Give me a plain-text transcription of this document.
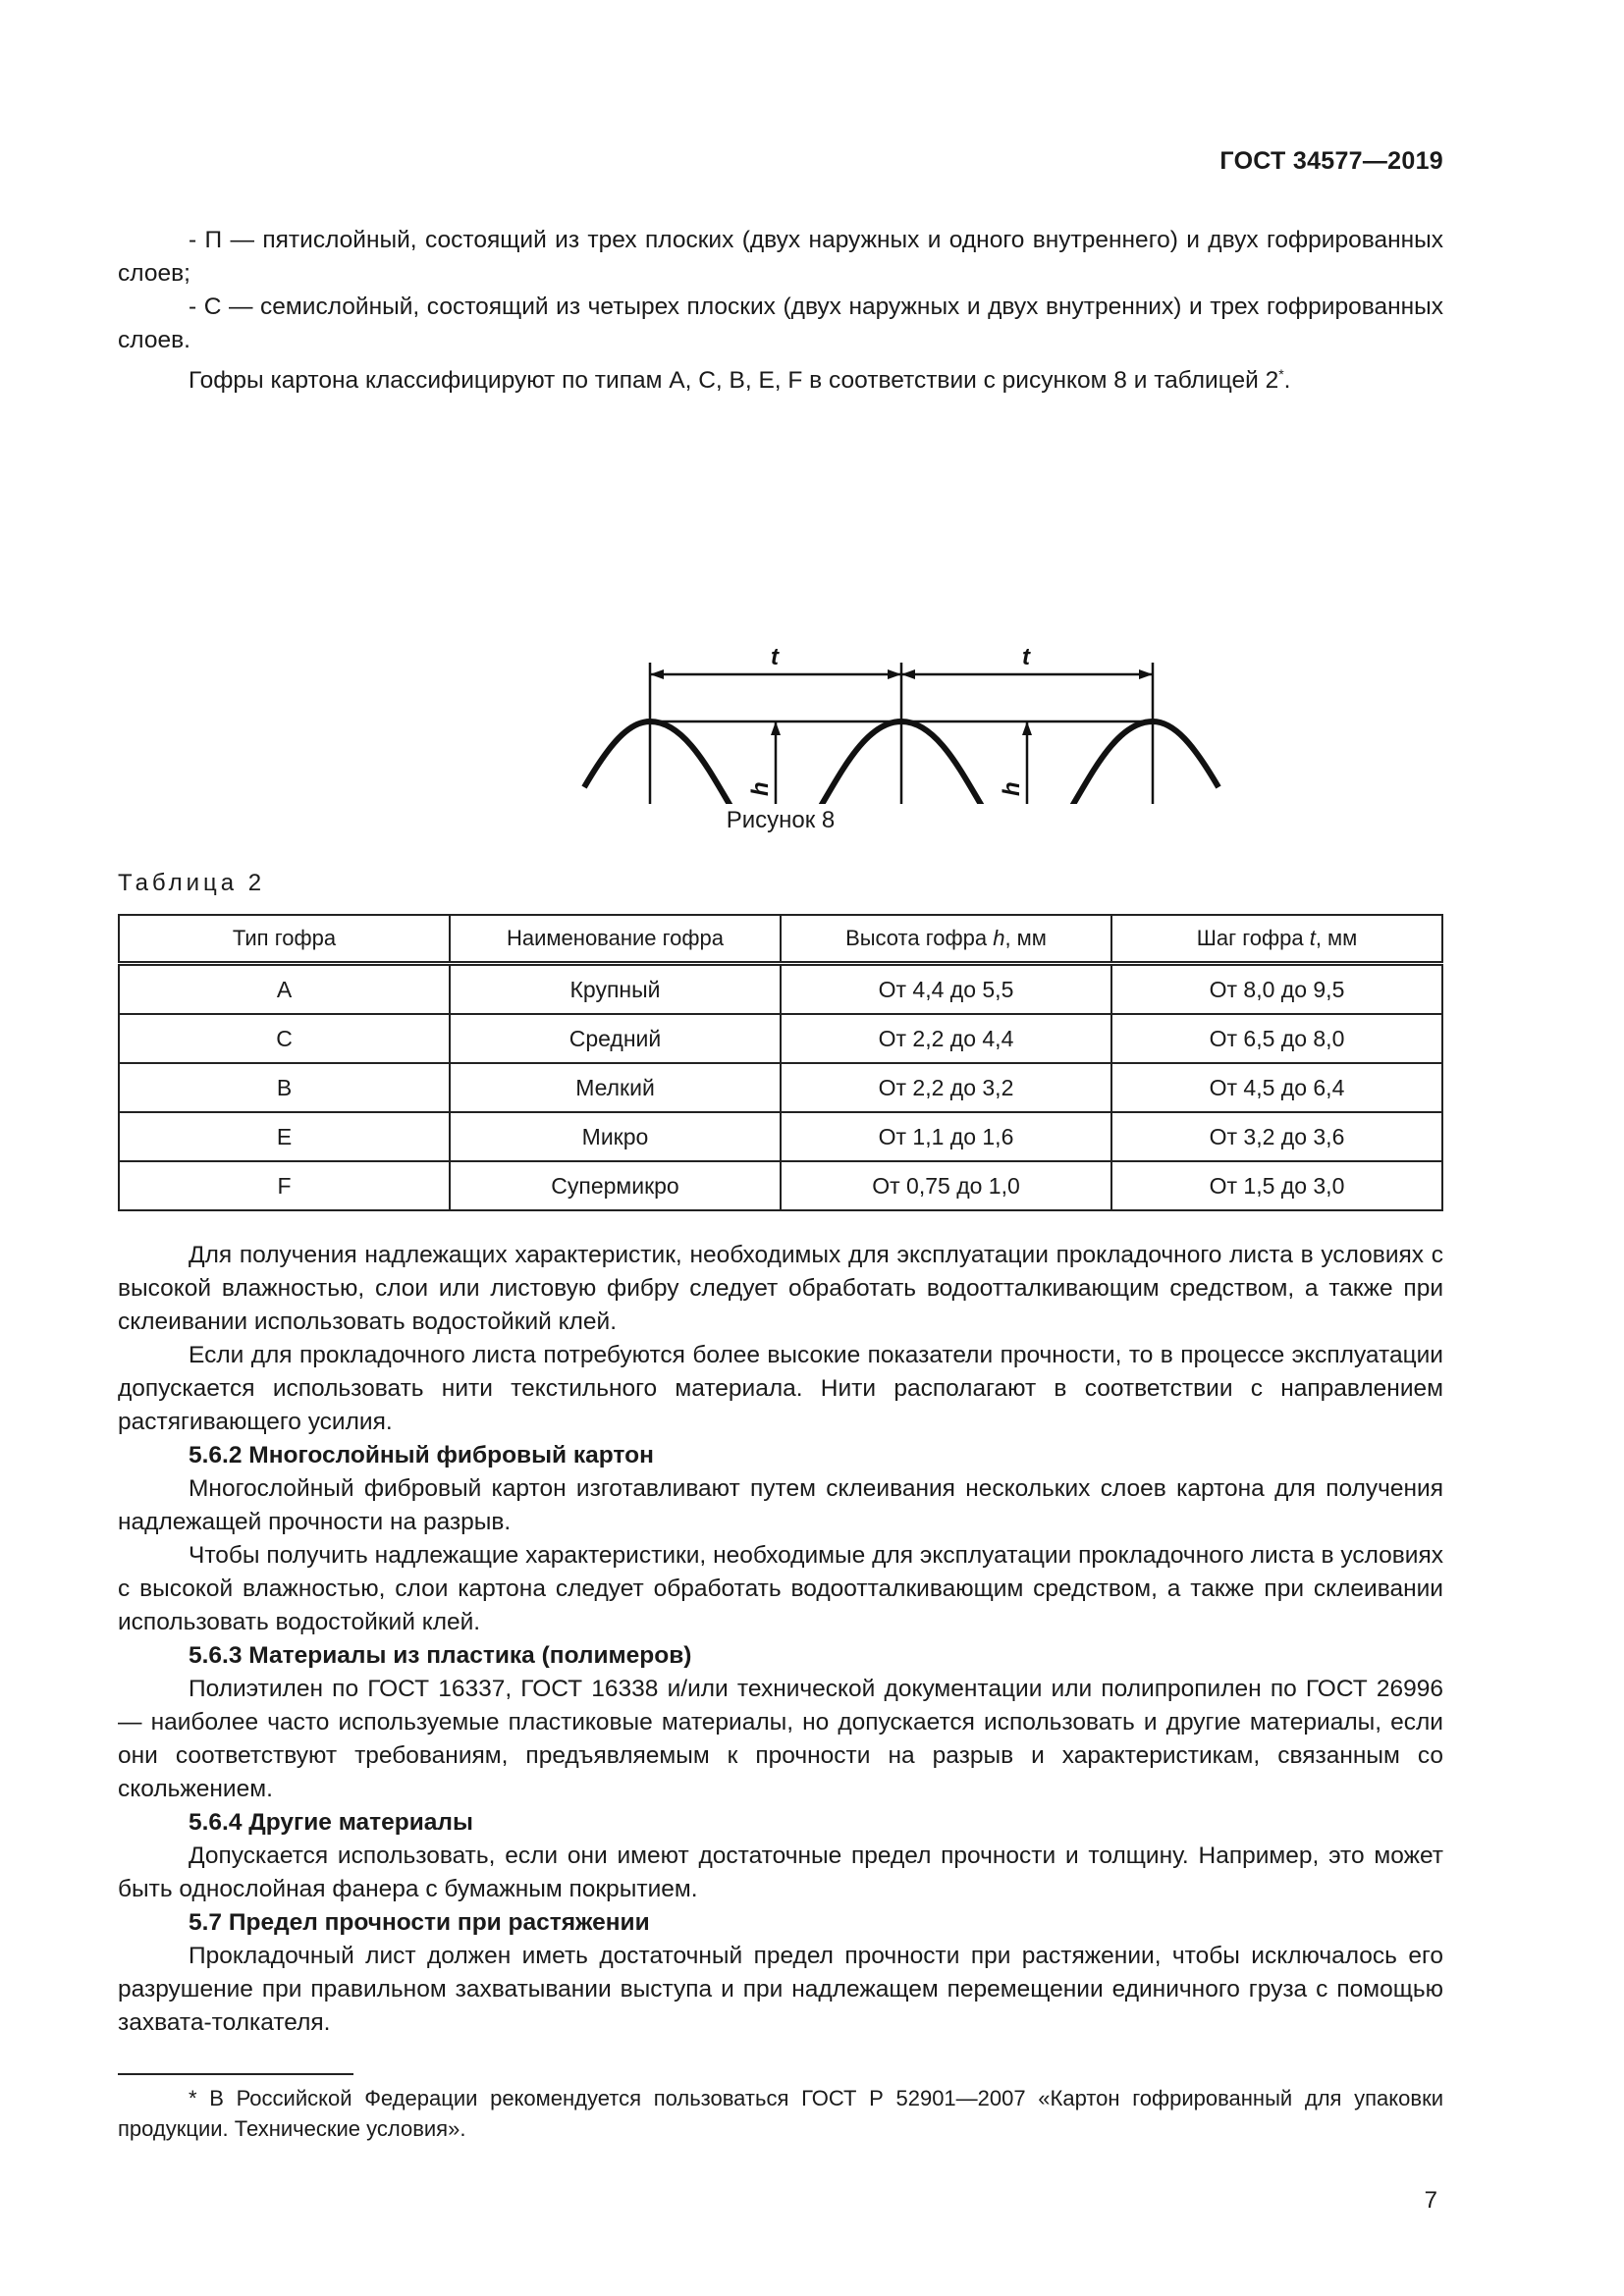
ГОСТ 34577—2019

- П — пятислойный, состоящий из трех плоских (двух наружных и одного внутреннего) и двух гофрированных слоев;

- С — семислойный, состоящий из четырех плоских (двух наружных и двух внутренних) и трех гофрированных слоев.

Гофры картона классифицируют по типам А, С, В, Е, F в соответствии с рисунком 8 и таблицей 2*.

t	t
h	h
Рисунок 8
Таблица 2
Тип гофра	Наименование гофра	Высота гофра h, мм	Шаг гофра t, мм
A	Крупный	От 4,4 до 5,5	От 8,0 до 9,5
C	Средний	От 2,2 до 4,4	От 6,5 до 8,0
B	Мелкий	От 2,2 до 3,2	От 4,5 до 6,4
E	Микро	От 1,1 до 1,6	От 3,2 до 3,6
F	Супермикро	От 0,75 до 1,0	От 1,5 до 3,0

Для получения надлежащих характеристик, необходимых для эксплуатации прокладочного листа в условиях с высокой влажностью, слои или листовую фибру следует обработать водоотталкивающим средством, а также при склеивании использовать водостойкий клей.

Если для прокладочного листа потребуются более высокие показатели прочности, то в процессе эксплуатации допускается использовать нити текстильного материала. Нити располагают в соответствии с направлением растягивающего усилия.

5.6.2 Многослойный фибровый картон

Многослойный фибровый картон изготавливают путем склеивания нескольких слоев картона для получения надлежащей прочности на разрыв.

Чтобы получить надлежащие характеристики, необходимые для эксплуатации прокладочного листа в условиях с высокой влажностью, слои картона следует обработать водоотталкивающим средством, а также при склеивании использовать водостойкий клей.

5.6.3 Материалы из пластика (полимеров)

Полиэтилен по ГОСТ 16337, ГОСТ 16338 и/или технической документации или полипропилен по ГОСТ 26996 — наиболее часто используемые пластиковые материалы, но допускается использовать и другие материалы, если они соответствуют требованиям, предъявляемым к прочности на разрыв и характеристикам, связанным со скольжением.

5.6.4 Другие материалы

Допускается использовать, если они имеют достаточные предел прочности и толщину. Например, это может быть однослойная фанера с бумажным покрытием.

5.7 Предел прочности при растяжении

Прокладочный лист должен иметь достаточный предел прочности при растяжении, чтобы исключалось его разрушение при правильном захватывании выступа и при надлежащем перемещении единичного груза с помощью захвата-толкателя.

* В Российской Федерации рекомендуется пользоваться ГОСТ Р 52901—2007 «Картон гофрированный для упаковки продукции. Технические условия».

7
